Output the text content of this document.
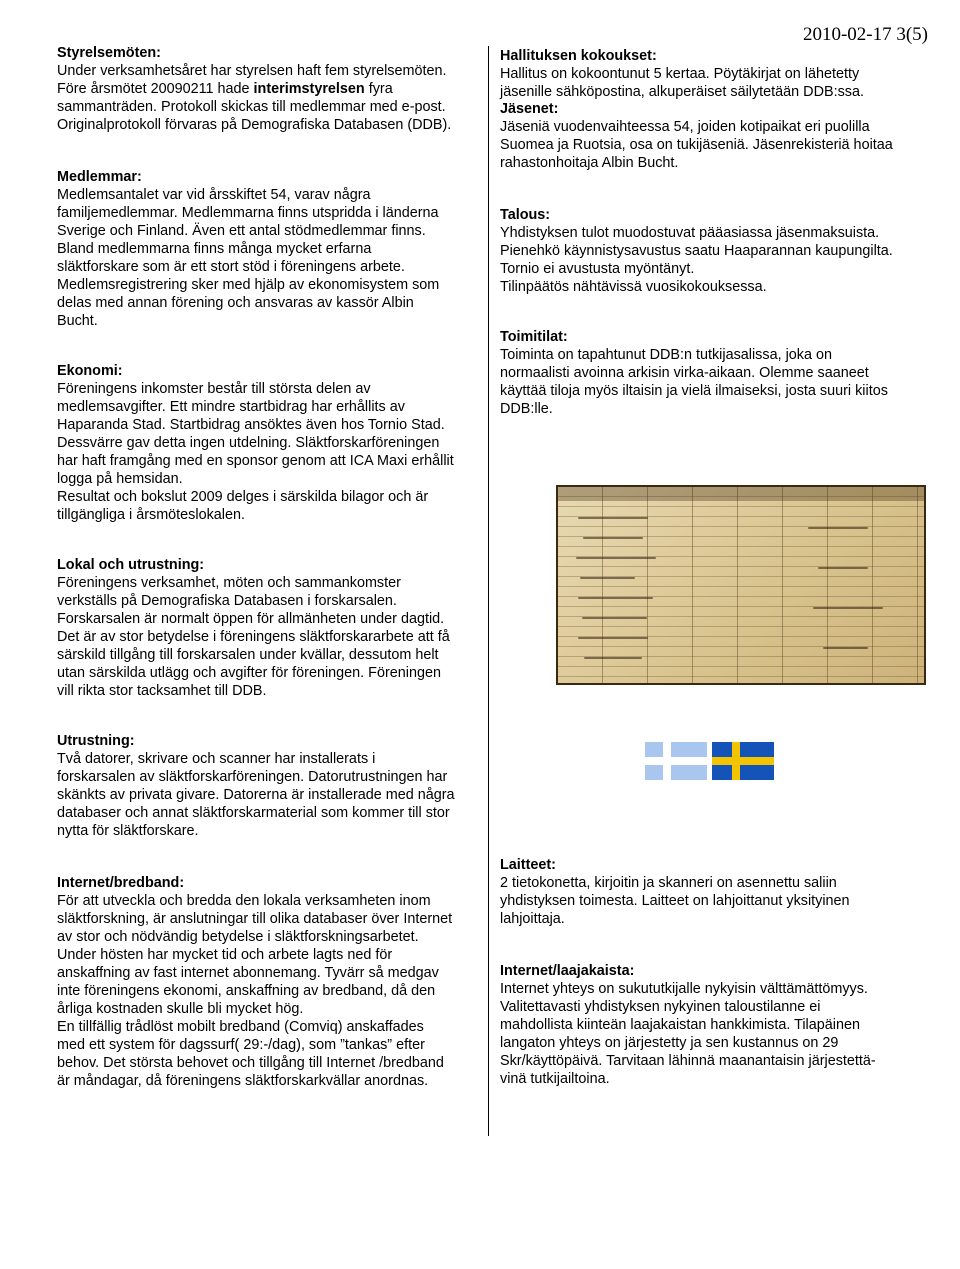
2010-02-17 3(5)

Styrelsemöten:

Under verksamhetsåret har styrelsen haft fem styrelsemöten.

Före årsmötet 20090211 hade interimstyrelsen fyra

sammanträden. Protokoll skickas till medlemmar med e-post.

Originalprotokoll förvaras på Demografiska Databasen (DDB).

Medlemmar:

Medlemsantalet var vid årsskiftet 54, varav några

familjemedlemmar. Medlemmarna finns utspridda i länderna

Sverige och Finland. Även ett antal stödmedlemmar finns.

Bland medlemmarna finns många mycket erfarna

släktforskare som är ett stort stöd i föreningens arbete.

Medlemsregistrering sker med hjälp av ekonomisystem som

delas med annan förening och ansvaras av kassör Albin

Bucht.

Ekonomi:

Föreningens inkomster består till största delen av

medlemsavgifter. Ett mindre startbidrag har erhållits av

Haparanda Stad. Startbidrag ansöktes även hos Tornio Stad.

Dessvärre gav detta ingen utdelning. Släktforskarföreningen

har haft framgång med en sponsor genom att ICA Maxi erhållit

logga på hemsidan.

Resultat och bokslut 2009 delges i särskilda bilagor och är

tillgängliga i årsmöteslokalen.

Lokal och utrustning:

Föreningens verksamhet, möten och sammankomster

verkställs på Demografiska Databasen i forskarsalen.

Forskarsalen är normalt öppen för allmänheten under dagtid.

Det är av stor betydelse i föreningens släktforskararbete att få

särskild tillgång till forskarsalen under kvällar, dessutom helt

utan särskilda utlägg och avgifter för föreningen. Föreningen

vill rikta stor tacksamhet till DDB.

Utrustning:

Två datorer, skrivare och scanner har installerats i

forskarsalen av släktforskarföreningen. Datorutrustningen har

skänkts av privata givare. Datorerna är installerade med några

databaser och annat släktforskarmaterial som kommer till stor

nytta för släktforskare.

Internet/bredband:

För att utveckla och bredda den lokala verksamheten inom

släktforskning, är anslutningar till olika databaser över Internet

av stor och nödvändig betydelse i släktforskningsarbetet.

Under hösten har mycket tid och arbete lagts ned för

anskaffning av fast internet abonnemang. Tyvärr så medgav

inte föreningens ekonomi, anskaffning av bredband, då den

årliga kostnaden skulle bli mycket hög.

En tillfällig trådlöst mobilt bredband (Comviq) anskaffades

med ett system för dagssurf( 29:-/dag), som ”tankas” efter

behov. Det största behovet och tillgång till Internet /bredband

är måndagar, då föreningens släktforskarkvällar anordnas.

Hallituksen kokoukset:

Hallitus on kokoontunut 5 kertaa. Pöytäkirjat on lähetetty

jäsenille sähköpostina, alkuperäiset säilytetään DDB:ssa.

Jäsenet:

Jäseniä vuodenvaihteessa 54, joiden kotipaikat eri puolilla

Suomea ja Ruotsia, osa on tukijäseniä. Jäsenrekisteriä hoitaa

rahastonhoitaja Albin Bucht.

Talous:

Yhdistyksen tulot muodostuvat pääasiassa jäsenmaksuista.

Pienehkö käynnistysavustus saatu Haaparannan kaupungilta.

Tornio ei avustusta myöntänyt.

Tilinpäätös nähtävissä vuosikokouksessa.

Toimitilat:

Toiminta on tapahtunut DDB:n tutkijasalissa, joka on

normaalisti avoinna arkisin virka-aikaan. Olemme saaneet

käyttää tiloja myös iltaisin ja vielä ilmaiseksi, josta suuri kiitos

DDB:lle.

Laitteet:

2 tietokonetta, kirjoitin ja skanneri on asennettu saliin

yhdistyksen toimesta. Laitteet on lahjoittanut yksityinen

lahjoittaja.

Internet/laajakaista:

Internet yhteys on sukututkijalle nykyisin välttämättömyys.

Valitettavasti yhdistyksen nykyinen taloustilanne ei

mahdollista kiinteän laajakaistan hankkimista. Tilapäinen

langaton yhteys on järjestetty ja sen kustannus on 29

Skr/käyttöpäivä. Tarvitaan lähinnä maanantaisin järjestettä-

vinä tutkijailtoina.
